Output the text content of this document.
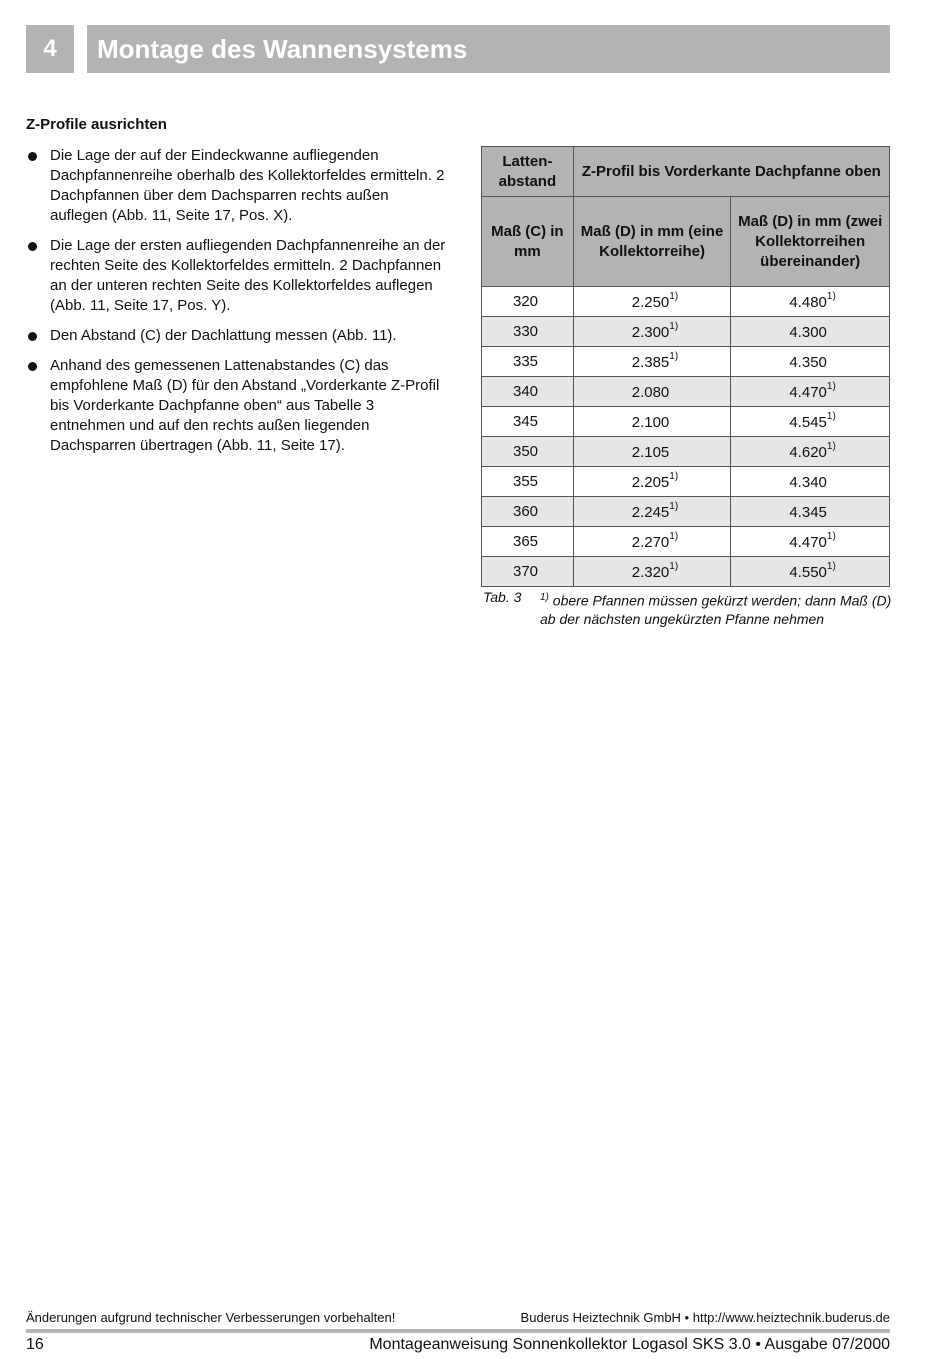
4	Montage des Wannensystems
Z-Profile ausrichten
Die Lage der auf der Eindeckwanne aufliegenden Dachpfannenreihe oberhalb des Kollektorfeldes ermitteln. 2 Dachpfannen über dem Dachsparren rechts außen auflegen (Abb. 11, Seite 17, Pos. X).
Die Lage der ersten aufliegenden Dachpfannenreihe an der rechten Seite des Kollektorfeldes ermitteln. 2 Dachpfannen an der unteren rechten Seite des Kollektorfeldes auflegen (Abb. 11, Seite 17, Pos. Y).
Den Abstand (C) der Dachlattung messen (Abb. 11).
Anhand des gemessenen Lattenabstandes (C) das empfohlene Maß (D) für den Abstand „Vorderkante Z-Profil bis Vorderkante Dachpfanne oben“ aus Tabelle 3 entnehmen und auf den rechts außen liegenden Dachsparren übertragen (Abb. 11, Seite 17).
Latten-abstand	Z-Profil bis Vorderkante Dachpfanne oben	
Maß (C) in mm	Maß (D) in mm (eine Kollektorreihe)	Maß (D) in mm (zwei Kollektorreihen übereinander)
320	2.250$^{1)}$	4.480$^{1)}$
330	2.300$^{1)}$	4.300
335	2.385$^{1)}$	4.350
340	2.080	4.470$^{1)}$
345	2.100	4.545$^{1)}$
350	2.105	4.620$^{1)}$
355	2.205$^{1)}$	4.340
360	2.245$^{1)}$	4.345
365	2.270$^{1)}$	4.470$^{1)}$
370	2.320$^{1)}$	4.550$^{1)}$
Tab. 3 $^{1)}$ obere Pfannen müssen gekürzt werden; dann Maß (D) ab der nächsten ungekürzten Pfanne nehmen
Änderungen aufgrund technischer Verbesserungen vorbehalten!	Buderus Heiztechnik GmbH • http://www.heiztechnik.buderus.de
16	Montageanweisung Sonnenkollektor Logasol SKS 3.0 • Ausgabe 07/2000
